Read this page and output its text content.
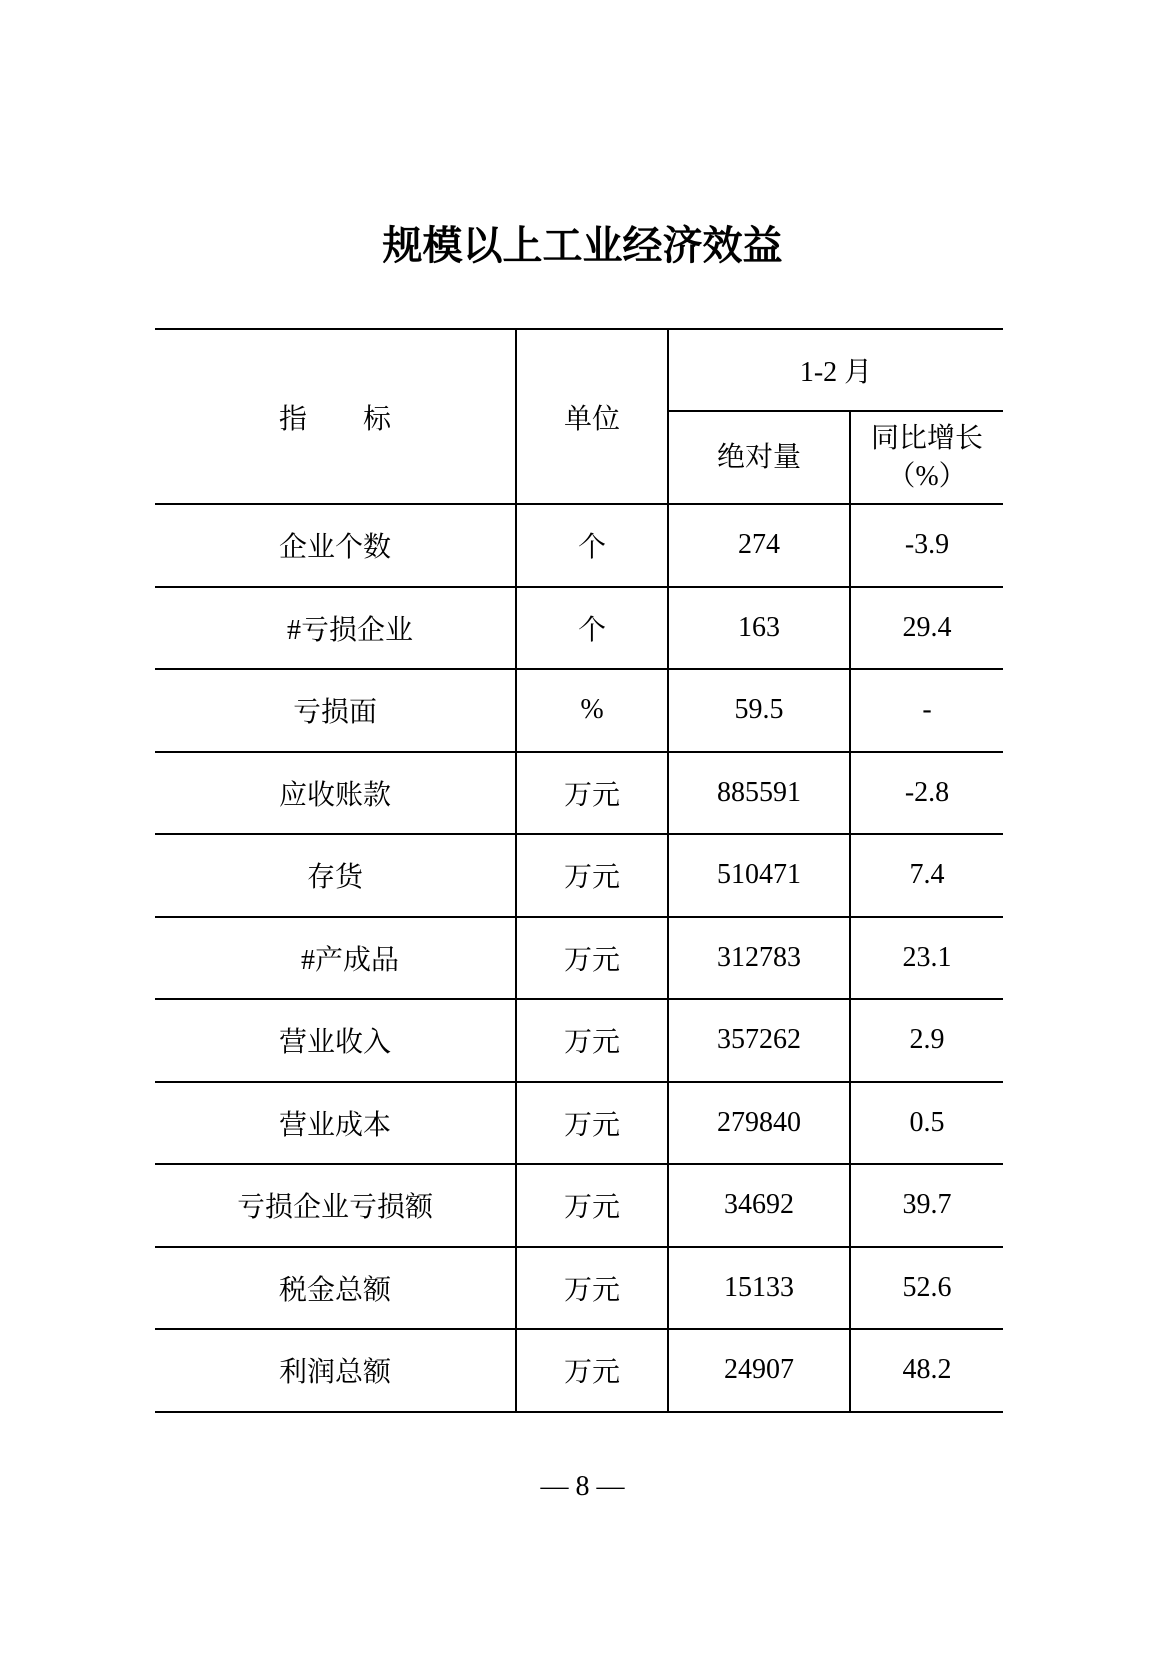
规模以上工业经济效益
指　　标	单位	1-2 月	
		绝对量	同比增长
（%）
企业个数	个	274	-3.9
#亏损企业	个	163	29.4
亏损面	%	59.5	-
应收账款	万元	885591	-2.8
存货	万元	510471	7.4
#产成品	万元	312783	23.1
营业收入	万元	357262	2.9
营业成本	万元	279840	0.5
亏损企业亏损额	万元	34692	39.7
税金总额	万元	15133	52.6
利润总额	万元	24907	48.2
— 8 —
